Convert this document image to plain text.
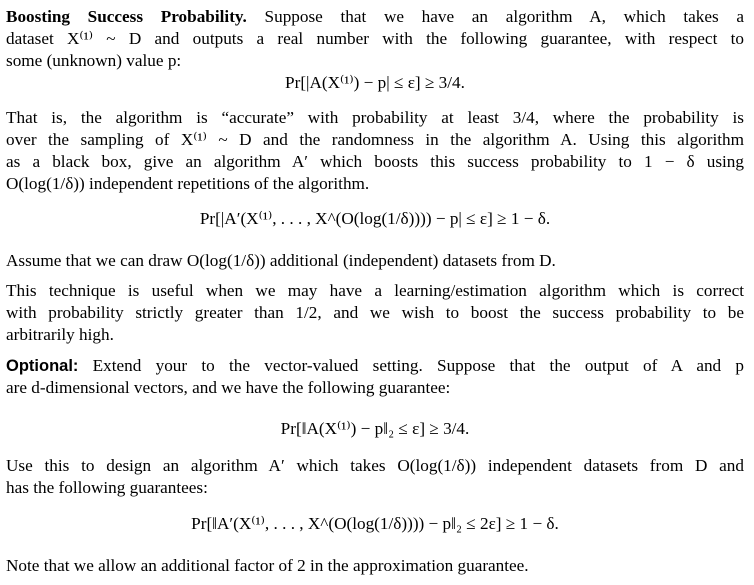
Boosting Success Probability. Suppose that we have an algorithm A, which takes a
dataset X⁽¹⁾ ~ D and outputs a real number with the following guarantee, with respect to
some (unknown) value p:
Pr[|A(X⁽¹⁾) − p| ≤ ε] ≥ 3/4.
That is, the algorithm is “accurate” with probability at least 3/4, where the probability is
over the sampling of X⁽¹⁾ ~ D and the randomness in the algorithm A. Using this algorithm
as a black box, give an algorithm A′ which boosts this success probability to 1 − δ using
O(log(1/δ)) independent repetitions of the algorithm.
Pr[|A′(X⁽¹⁾, . . . , X^(O(log(1/δ)))) − p| ≤ ε] ≥ 1 − δ.
Assume that we can draw O(log(1/δ)) additional (independent) datasets from D.
This technique is useful when we may have a learning/estimation algorithm which is correct
with probability strictly greater than 1/2, and we wish to boost the success probability to be
arbitrarily high.
Optional: Extend your to the vector-valued setting. Suppose that the output of A and p
are d-dimensional vectors, and we have the following guarantee:
Pr[‖A(X⁽¹⁾) − p‖₂ ≤ ε] ≥ 3/4.
Use this to design an algorithm A′ which takes O(log(1/δ)) independent datasets from D and
has the following guarantees:
Pr[‖A′(X⁽¹⁾, . . . , X^(O(log(1/δ)))) − p‖₂ ≤ 2ε] ≥ 1 − δ.
Note that we allow an additional factor of 2 in the approximation guarantee.
